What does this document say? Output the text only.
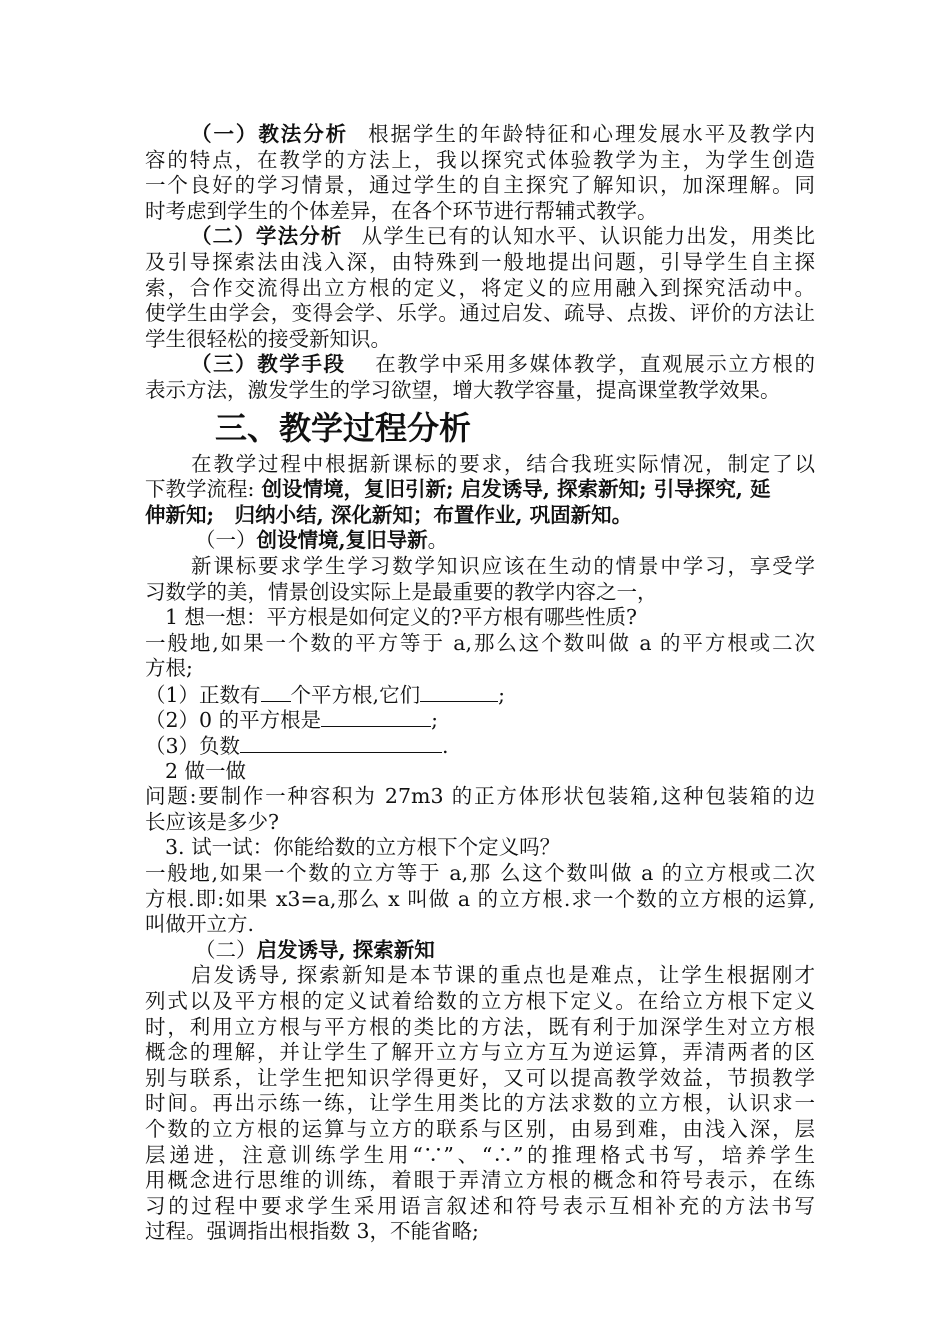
（一）教法分析 根据学生的年龄特征和心理发展水平及教学内
容的特点，在教学的方法上，我以探究式体验教学为主，为学生创造
一个良好的学习情景，通过学生的自主探究了解知识，加深理解。同
时考虑到学生的个体差异，在各个环节进行帮辅式教学。
（二）学法分析 从学生已有的认知水平、认识能力出发，用类比
及引导探索法由浅入深，由特殊到一般地提出问题，引导学生自主探
索，合作交流得出立方根的定义，将定义的应用融入到探究活动中。
使学生由学会，变得会学、乐学。通过启发、疏导、点拨、评价的方法让
学生很轻松的接受新知识。
（三）教学手段 在教学中采用多媒体教学，直观展示立方根的
表示方法，激发学生的学习欲望，增大教学容量，提高课堂教学效果。
三、教学过程分析
在教学过程中根据新课标的要求，结合我班实际情况，制定了以
下教学流程: 创设情境，复旧引新; 启发诱导, 探索新知; 引导探究, 延
伸新知;　归纳小结, 深化新知；布置作业, 巩固新知。
（一）创设情境,复旧导新。
新课标要求学生学习数学知识应该在生动的情景中学习，享受学
习数学的美，情景创设实际上是最重要的教学内容之一，
1 想一想：平方根是如何定义的?平方根有哪些性质?
一般地,如果一个数的平方等于 a,那么这个数叫做 a 的平方根或二次
方根;
（1）正数有 个平方根,它们	;
（2）0 的平方根是	;
（3）负数	.
2 做一做
问题:要制作一种容积为 27m3 的正方体形状包装箱,这种包装箱的边
长应该是多少?
3. 试一试：你能给数的立方根下个定义吗？
一般地,如果一个数的立方等于 a,那 么这个数叫做 a 的立方根或二次
方根.即:如果 x3=a,那么 x 叫做 a 的立方根.求一个数的立方根的运算,
叫做开立方.
（二）启发诱导, 探索新知
启发诱导, 探索新知是本节课的重点也是难点，让学生根据刚才
列式以及平方根的定义试着给数的立方根下定义。在给立方根下定义
时，利用立方根与平方根的类比的方法，既有利于加深学生对立方根
概念的理解，并让学生了解开立方与立方互为逆运算，弄清两者的区
别与联系，让学生把知识学得更好，又可以提高教学效益，节损教学
时间。再出示练一练，让学生用类比的方法求数的立方根，认识求一
个数的立方根的运算与立方的联系与区别，由易到难，由浅入深，层
层递进，注意训练学生用“∵”、“∴”的推理格式书写，培养学生
用概念进行思维的训练，着眼于弄清立方根的概念和符号表示，在练
习的过程中要求学生采用语言叙述和符号表示互相补充的方法书写
过程。强调指出根指数 3，不能省略;
